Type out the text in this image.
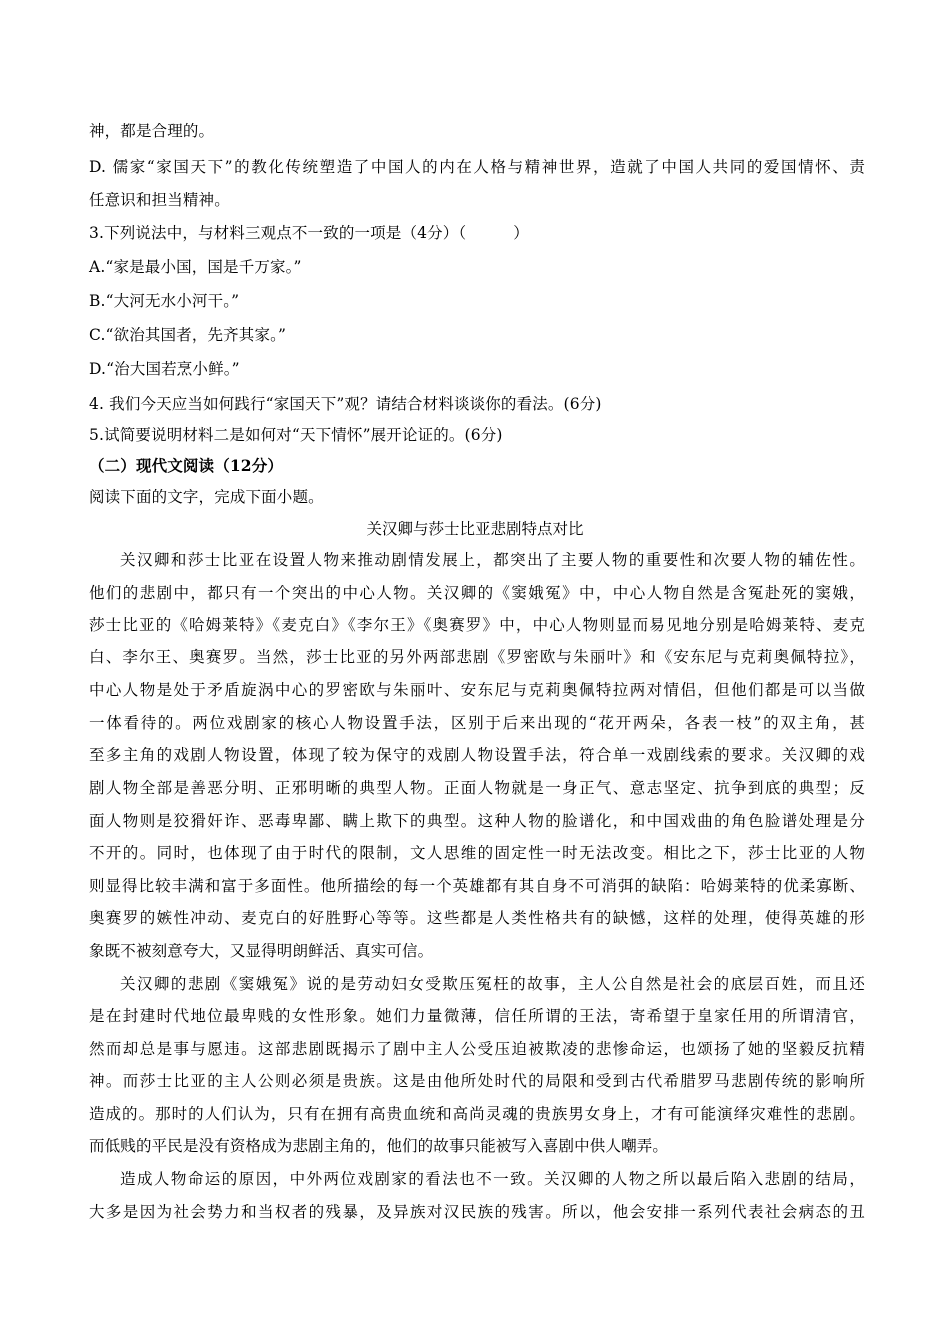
神，都是合理的。
D. 儒家“家国天下”的教化传统塑造了中国人的内在人格与精神世界，造就了中国人共同的爱国情怀、责
任意识和担当精神。
3.下列说法中，与材料三观点不一致的一项是（4分）（　　　）
A.“家是最小国，国是千万家。”
B.“大河无水小河干。”
C.“欲治其国者，先齐其家。”
D.“治大国若烹小鲜。”
4. 我们今天应当如何践行“家国天下”观？请结合材料谈谈你的看法。(6分)
5.试简要说明材料二是如何对“天下情怀”展开论证的。(6分)
（二）现代文阅读（12分）
阅读下面的文字，完成下面小题。
关汉卿与莎士比亚悲剧特点对比
关汉卿和莎士比亚在设置人物来推动剧情发展上，都突出了主要人物的重要性和次要人物的辅佐性。
他们的悲剧中，都只有一个突出的中心人物。关汉卿的《窦娥冤》中，中心人物自然是含冤赴死的窦娥，
莎士比亚的《哈姆莱特》《麦克白》《李尔王》《奥赛罗》中，中心人物则显而易见地分别是哈姆莱特、麦克
白、李尔王、奥赛罗。当然，莎士比亚的另外两部悲剧《罗密欧与朱丽叶》和《安东尼与克莉奥佩特拉》，
中心人物是处于矛盾旋涡中心的罗密欧与朱丽叶、安东尼与克莉奥佩特拉两对情侣，但他们都是可以当做
一体看待的。两位戏剧家的核心人物设置手法，区别于后来出现的“花开两朵，各表一枝”的双主角，甚
至多主角的戏剧人物设置，体现了较为保守的戏剧人物设置手法，符合单一戏剧线索的要求。关汉卿的戏
剧人物全部是善恶分明、正邪明晰的典型人物。正面人物就是一身正气、意志坚定、抗争到底的典型；反
面人物则是狡猾奸诈、恶毒卑鄙、瞒上欺下的典型。这种人物的脸谱化，和中国戏曲的角色脸谱处理是分
不开的。同时，也体现了由于时代的限制，文人思维的固定性一时无法改变。相比之下，莎士比亚的人物
则显得比较丰满和富于多面性。他所描绘的每一个英雄都有其自身不可消弭的缺陷：哈姆莱特的优柔寡断、
奥赛罗的嫉性冲动、麦克白的好胜野心等等。这些都是人类性格共有的缺憾，这样的处理，使得英雄的形
象既不被刻意夸大，又显得明朗鲜活、真实可信。
关汉卿的悲剧《窦娥冤》说的是劳动妇女受欺压冤枉的故事，主人公自然是社会的底层百姓，而且还
是在封建时代地位最卑贱的女性形象。她们力量微薄，信任所谓的王法，寄希望于皇家任用的所谓清官，
然而却总是事与愿违。这部悲剧既揭示了剧中主人公受压迫被欺凌的悲惨命运，也颂扬了她的坚毅反抗精
神。而莎士比亚的主人公则必须是贵族。这是由他所处时代的局限和受到古代希腊罗马悲剧传统的影响所
造成的。那时的人们认为，只有在拥有高贵血统和高尚灵魂的贵族男女身上，才有可能演绎灾难性的悲剧。
而低贱的平民是没有资格成为悲剧主角的，他们的故事只能被写入喜剧中供人嘲弄。
造成人物命运的原因，中外两位戏剧家的看法也不一致。关汉卿的人物之所以最后陷入悲剧的结局，
大多是因为社会势力和当权者的残暴，及异族对汉民族的残害。所以，他会安排一系列代表社会病态的丑
